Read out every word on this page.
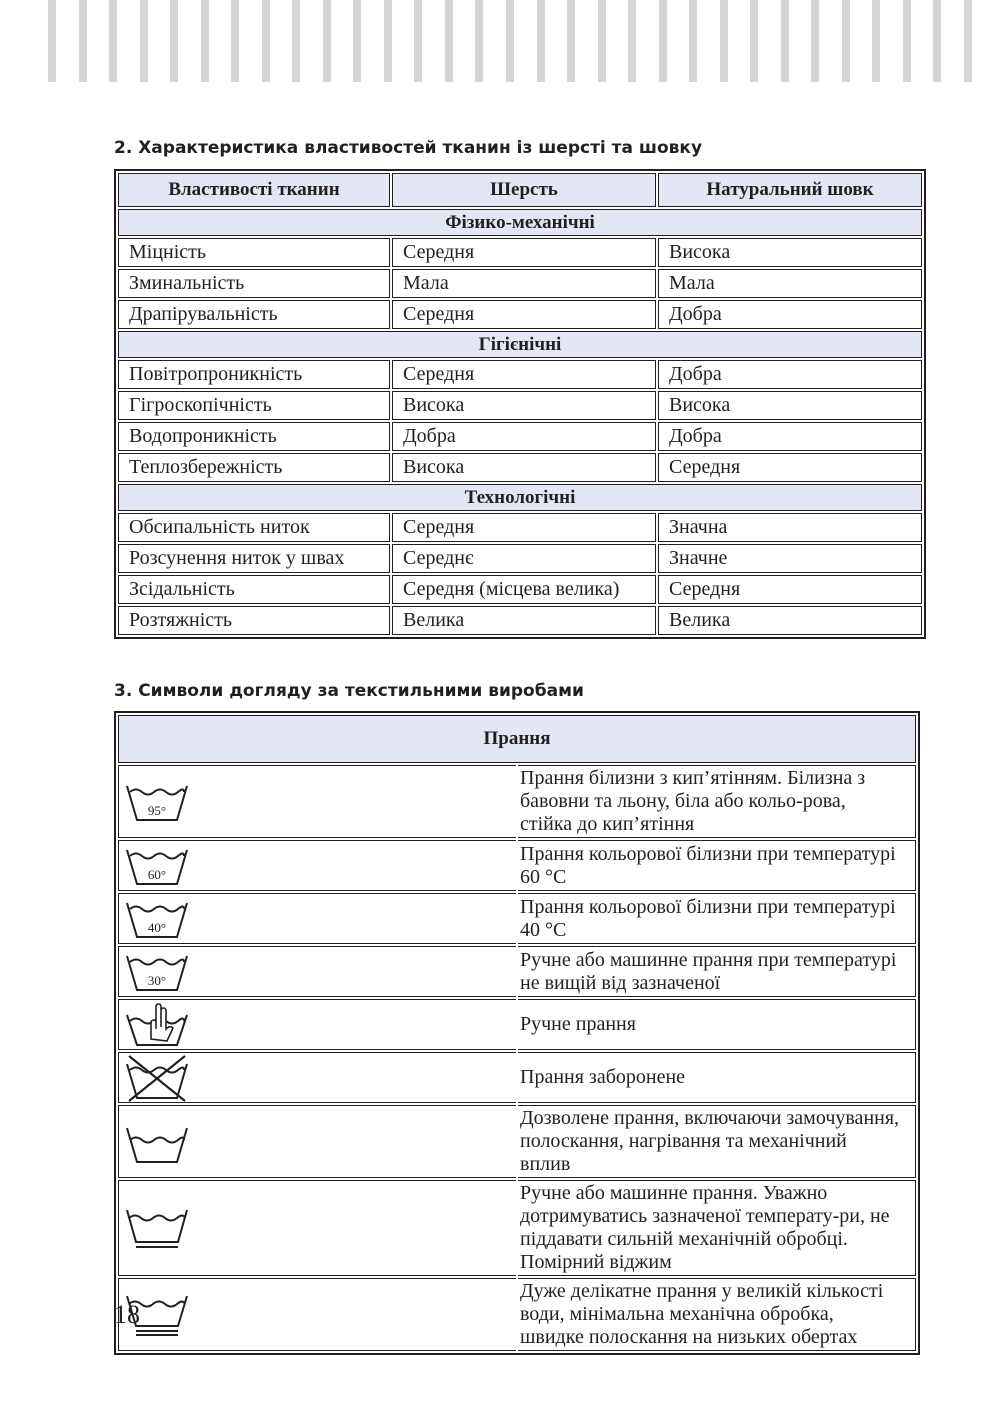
2. Характеристика властивостей тканин із шерсті та шовку
Властивості тканин	Шерсть	Натуральний шовк
Фізико-механічні		
Міцність	Середня	Висока
Зминальність	Мала	Мала
Драпірувальність	Середня	Добра
Гігієнічні		
Повітропроникність	Середня	Добра
Гігроскопічність	Висока	Висока
Водопроникність	Добра	Добра
Теплозбережність	Висока	Середня
Технологічні		
Обсипальність ниток	Середня	Значна
Розсунення ниток у швах	Середнє	Значне
Зсідальність	Середня (місцева велика)	Середня
Розтяжність	Велика	Велика
3. Символи догляду за текстильними виробами
Прання	

95°	Прання білизни з кип’ятінням. Білизна з бавовни та льону, біла або кольо-рова, стійка до кип’ятіння

60°	Прання кольорової білизни при температурі 60 °С

40°	Прання кольорової білизни при температурі 40 °С

30°	Ручне або машинне прання при температурі не вищій від зазначеної

	Ручне прання

	Прання заборонене

	Дозволене прання, включаючи замочування, полоскання, нагрівання та механічний вплив

	Ручне або машинне прання. Уважно дотримуватись зазначеної температу-ри, не піддавати сильній механічній обробці. Помірний віджим

	Дуже делікатне прання у великій кількості води, мінімальна механічна обробка, швидке полоскання на низьких обертах
18
